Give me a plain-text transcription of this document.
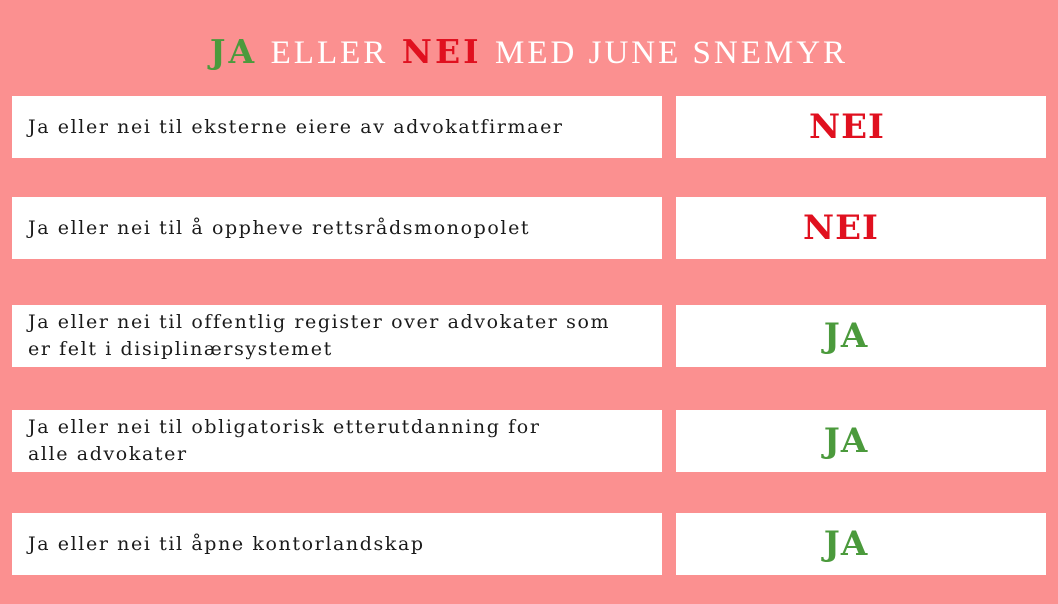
JA ELLER NEI MED JUNE SNEMYR
Ja eller nei til eksterne eiere av advokatfirmaer	NEI
Ja eller nei til å oppheve rettsrådsmonopolet	NEI
Ja eller nei til offentlig register over advokater som
er felt i disiplinærsystemet	JA
Ja eller nei til obligatorisk etterutdanning for
alle advokater	JA
Ja eller nei til åpne kontorlandskap	JA
